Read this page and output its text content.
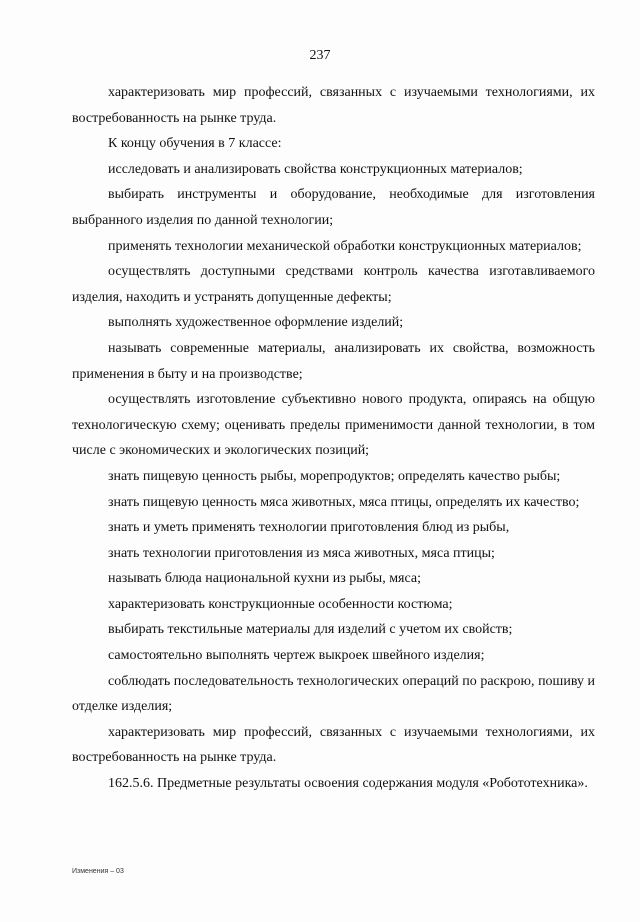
237

характеризовать мир профессий, связанных с изучаемыми технологиями, их востребованность на рынке труда.

К концу обучения в 7 классе:

исследовать и анализировать свойства конструкционных материалов;

выбирать инструменты и оборудование, необходимые для изготовления выбранного изделия по данной технологии;

применять технологии механической обработки конструкционных материалов;

осуществлять доступными средствами контроль качества изготавливаемого изделия, находить и устранять допущенные дефекты;

выполнять художественное оформление изделий;

называть современные материалы, анализировать их свойства, возможность применения в быту и на производстве;

осуществлять изготовление субъективно нового продукта, опираясь на общую технологическую схему; оценивать пределы применимости данной технологии, в том числе с экономических и экологических позиций;

знать пищевую ценность рыбы, морепродуктов; определять качество рыбы;

знать пищевую ценность мяса животных, мяса птицы, определять их качество;

знать и уметь применять технологии приготовления блюд из рыбы,

знать технологии приготовления из мяса животных, мяса птицы;

называть блюда национальной кухни из рыбы, мяса;

характеризовать конструкционные особенности костюма;

выбирать текстильные материалы для изделий с учетом их свойств;

самостоятельно выполнять чертеж выкроек швейного изделия;

соблюдать последовательность технологических операций по раскрою, пошиву и отделке изделия;

характеризовать мир профессий, связанных с изучаемыми технологиями, их востребованность на рынке труда.

162.5.6. Предметные результаты освоения содержания модуля «Робототехника».

Изменения – 03
